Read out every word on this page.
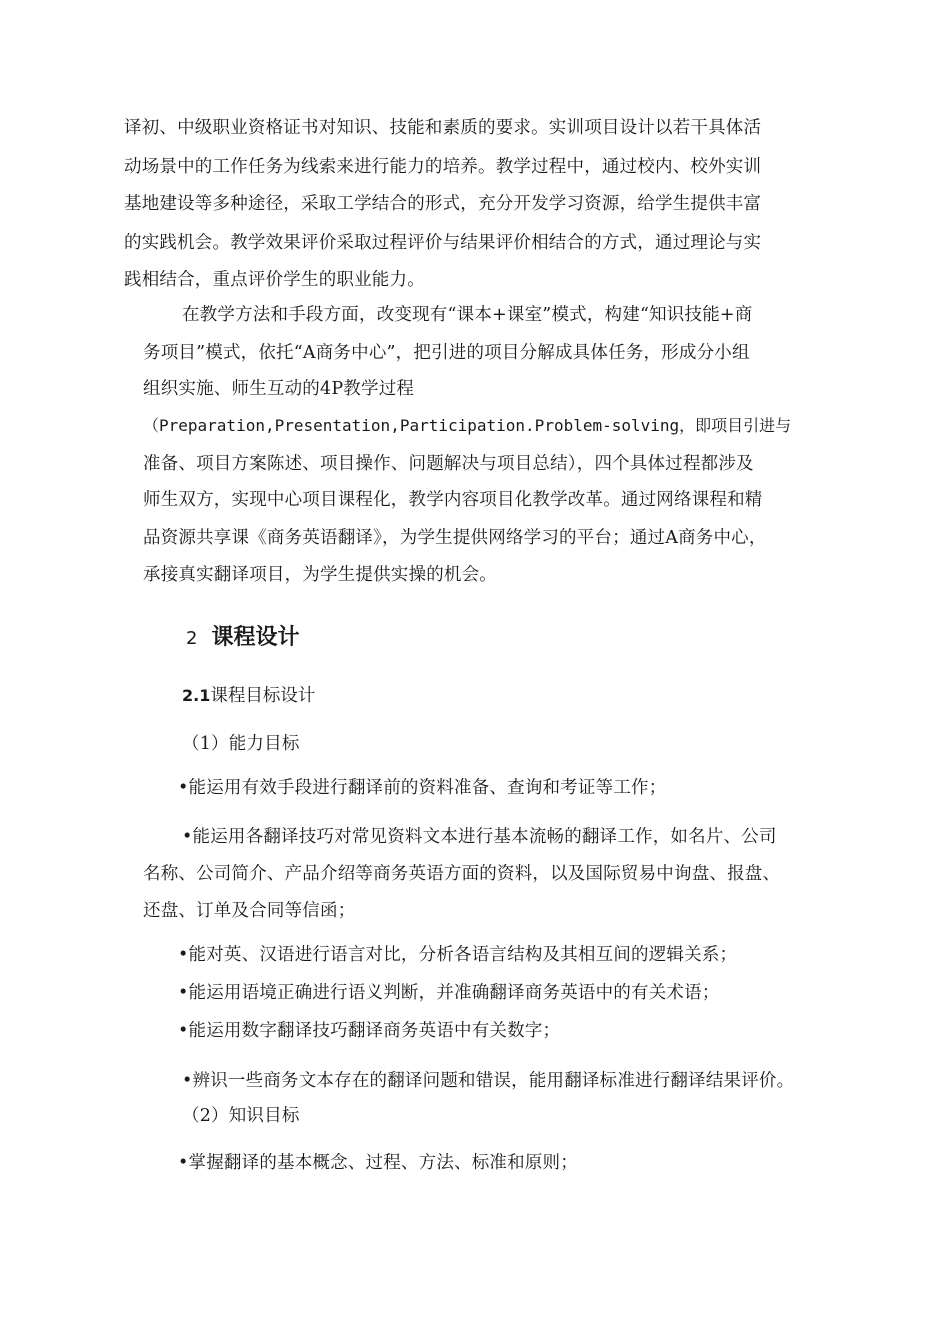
译初、中级职业资格证书对知识、技能和素质的要求。实训项目设计以若干具体活
动场景中的工作任务为线索来进行能力的培养。教学过程中，通过校内、校外实训
基地建设等多种途径，采取工学结合的形式，充分开发学习资源，给学生提供丰富
的实践机会。教学效果评价采取过程评价与结果评价相结合的方式，通过理论与实
践相结合，重点评价学生的职业能力。
在教学方法和手段方面，改变现有“课本+课室”模式，构建“知识技能+商
务项目”模式，依托“A商务中心”，把引进的项目分解成具体任务，形成分小组
组织实施、师生互动的4P教学过程
（Preparation,Presentation,Participation.Problem-solving，即项目引进与
准备、项目方案陈述、项目操作、问题解决与项目总结），四个具体过程都涉及
师生双方，实现中心项目课程化，教学内容项目化教学改革。通过网络课程和精
品资源共享课《商务英语翻译》，为学生提供网络学习的平台；通过A商务中心，
承接真实翻译项目，为学生提供实操的机会。
2 课程设计
2.1课程目标设计
（1）能力目标
•能运用有效手段进行翻译前的资料准备、查询和考证等工作；
•能运用各翻译技巧对常见资料文本进行基本流畅的翻译工作，如名片、公司
名称、公司简介、产品介绍等商务英语方面的资料，以及国际贸易中询盘、报盘、
还盘、订单及合同等信函；
•能对英、汉语进行语言对比，分析各语言结构及其相互间的逻辑关系；
•能运用语境正确进行语义判断，并准确翻译商务英语中的有关术语；
•能运用数字翻译技巧翻译商务英语中有关数字；
•辨识一些商务文本存在的翻译问题和错误，能用翻译标准进行翻译结果评价。
（2）知识目标
•掌握翻译的基本概念、过程、方法、标准和原则；
